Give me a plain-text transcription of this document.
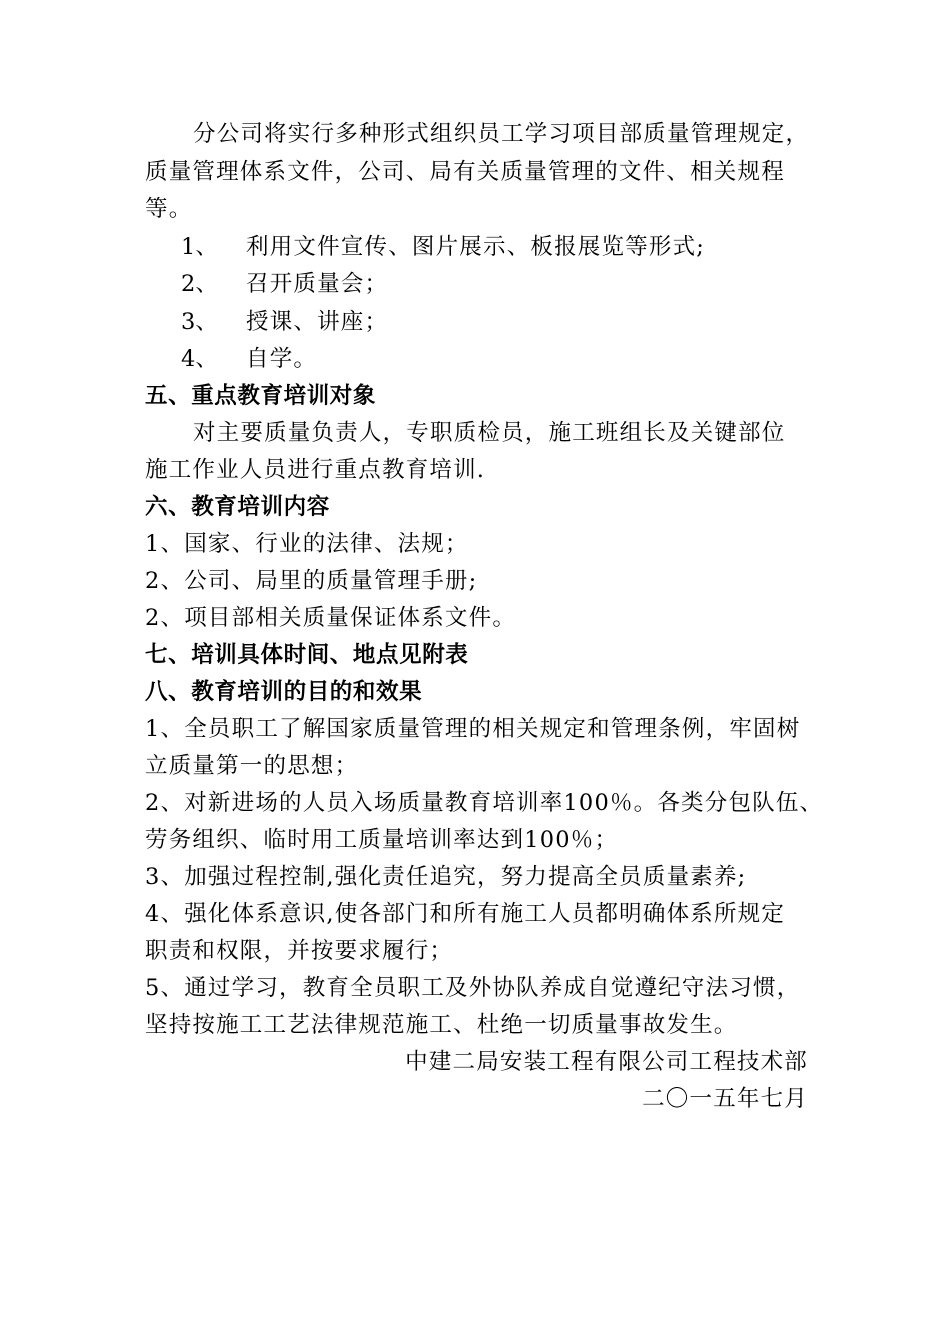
分公司将实行多种形式组织员工学习项目部质量管理规定，
质量管理体系文件，公司、局有关质量管理的文件、相关规程
等。
1、 利用文件宣传、图片展示、板报展览等形式;
2、 召开质量会；
3、 授课、讲座；
4、 自学。
五、重点教育培训对象
对主要质量负责人，专职质检员，施工班组长及关键部位
施工作业人员进行重点教育培训.
六、教育培训内容
1、国家、行业的法律、法规；
2、公司、局里的质量管理手册;
2、项目部相关质量保证体系文件。
七、培训具体时间、地点见附表
八、教育培训的目的和效果
1、全员职工了解国家质量管理的相关规定和管理条例，牢固树
立质量第一的思想；
2、对新进场的人员入场质量教育培训率100％。各类分包队伍、
劳务组织、临时用工质量培训率达到100％；
3、加强过程控制,强化责任追究，努力提高全员质量素养;
4、强化体系意识,使各部门和所有施工人员都明确体系所规定
职责和权限，并按要求履行；
5、通过学习，教育全员职工及外协队养成自觉遵纪守法习惯，
坚持按施工工艺法律规范施工、杜绝一切质量事故发生。
中建二局安装工程有限公司工程技术部
二〇一五年七月
